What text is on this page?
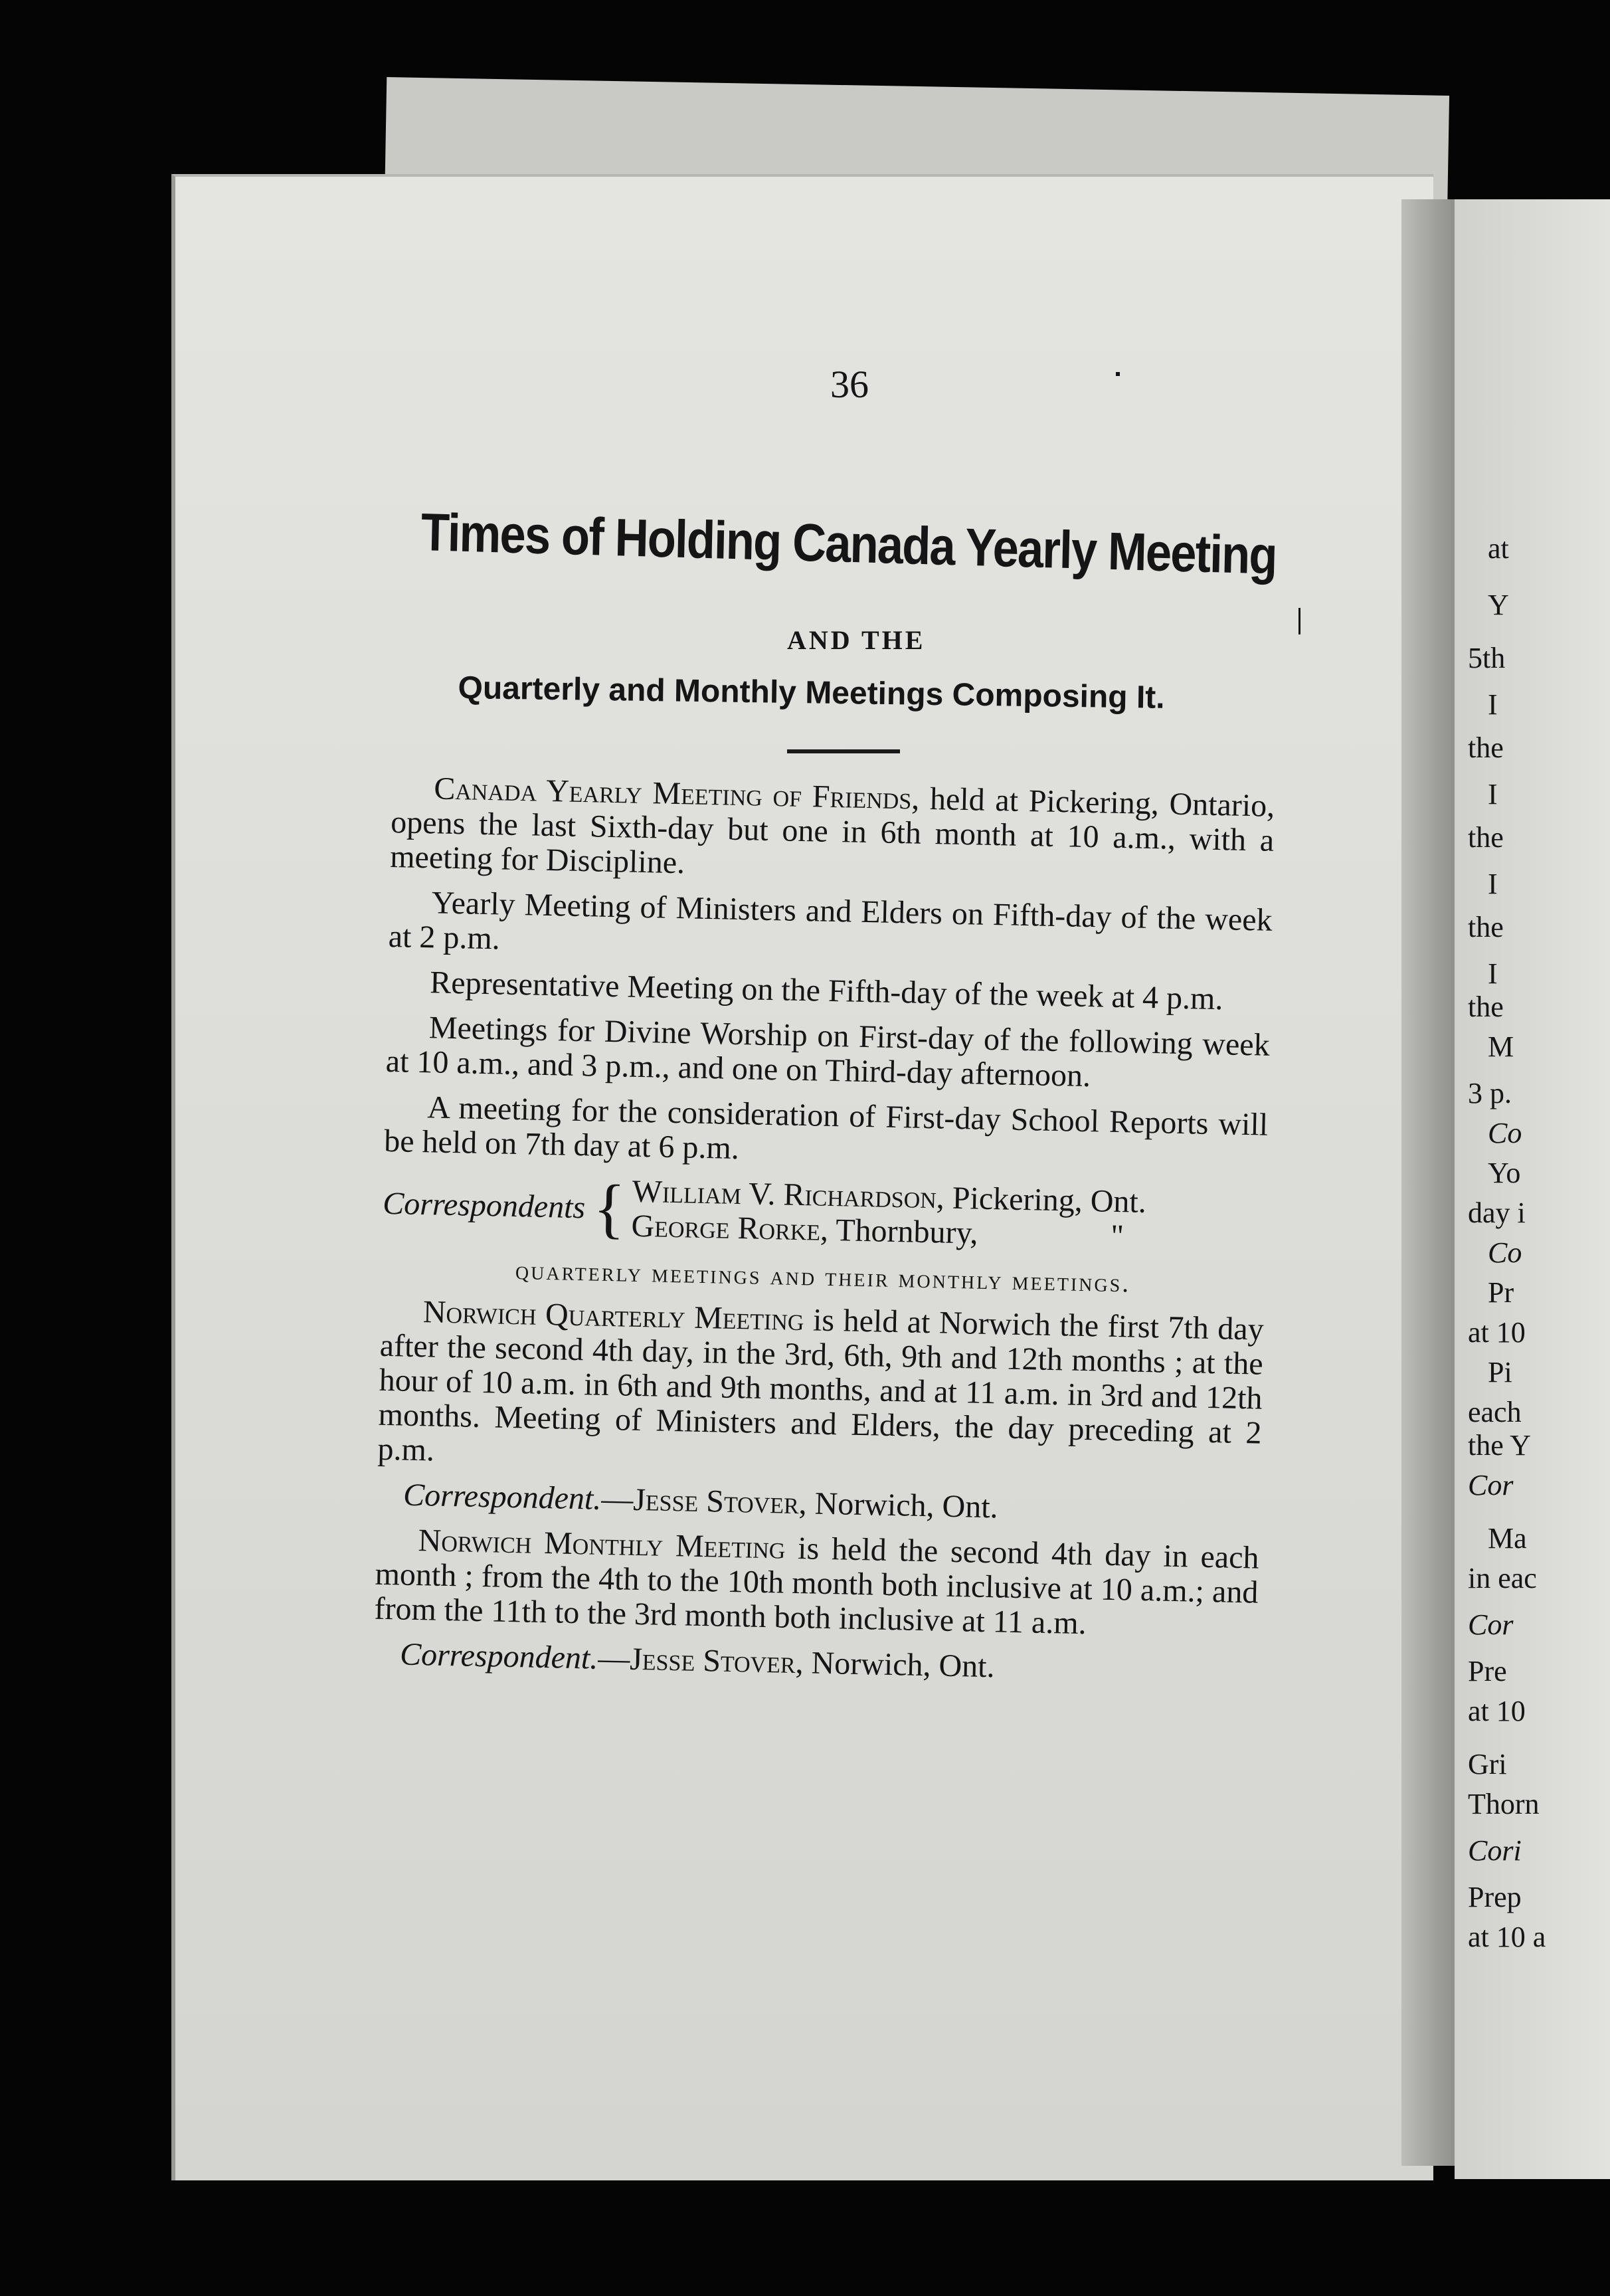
36
Times of Holding Canada Yearly Meeting
AND THE
Quarterly and Monthly Meetings Composing It.

Canada Yearly Meeting of Friends, held at Pickering, Ontario, opens the last Sixth-day but one in 6th month at 10 a.m., with a meeting for Discipline.

Yearly Meeting of Ministers and Elders on Fifth-day of the week at 2 p.m.

Representative Meeting on the Fifth-day of the week at 4 p.m.

Meetings for Divine Worship on First-day of the following week at 10 a.m., and 3 p.m., and one on Third-day afternoon.

A meeting for the consideration of First-day School Reports will be held on 7th day at 6 p.m.

Correspondents { William V. Richardson, Pickering, Ont.
George Rorke, Thornbury,	"
quarterly meetings and their monthly meetings.

Norwich Quarterly Meeting is held at Norwich the first 7th day after the second 4th day, in the 3rd, 6th, 9th and 12th months ; at the hour of 10 a.m. in 6th and 9th months, and at 11 a.m. in 3rd and 12th months. Meeting of Ministers and Elders, the day preceding at 2 p.m.

Correspondent.—Jesse Stover, Norwich, Ont.

Norwich Monthly Meeting is held the second 4th day in each month ; from the 4th to the 10th month both inclusive at 10 a.m.; and from the 11th to the 3rd month both inclusive at 11 a.m.

Correspondent.—Jesse Stover, Norwich, Ont.

at
Y
5th
I
the
I
the
I
the
I
the
M
3 p.
Co
Yo
day i
Co
Pr
at 10
Pi
each
the Y
Cor
Ma
in eac
Cor
Pre
at 10
Gri
Thorn
Cori
Prep
at 10 a
